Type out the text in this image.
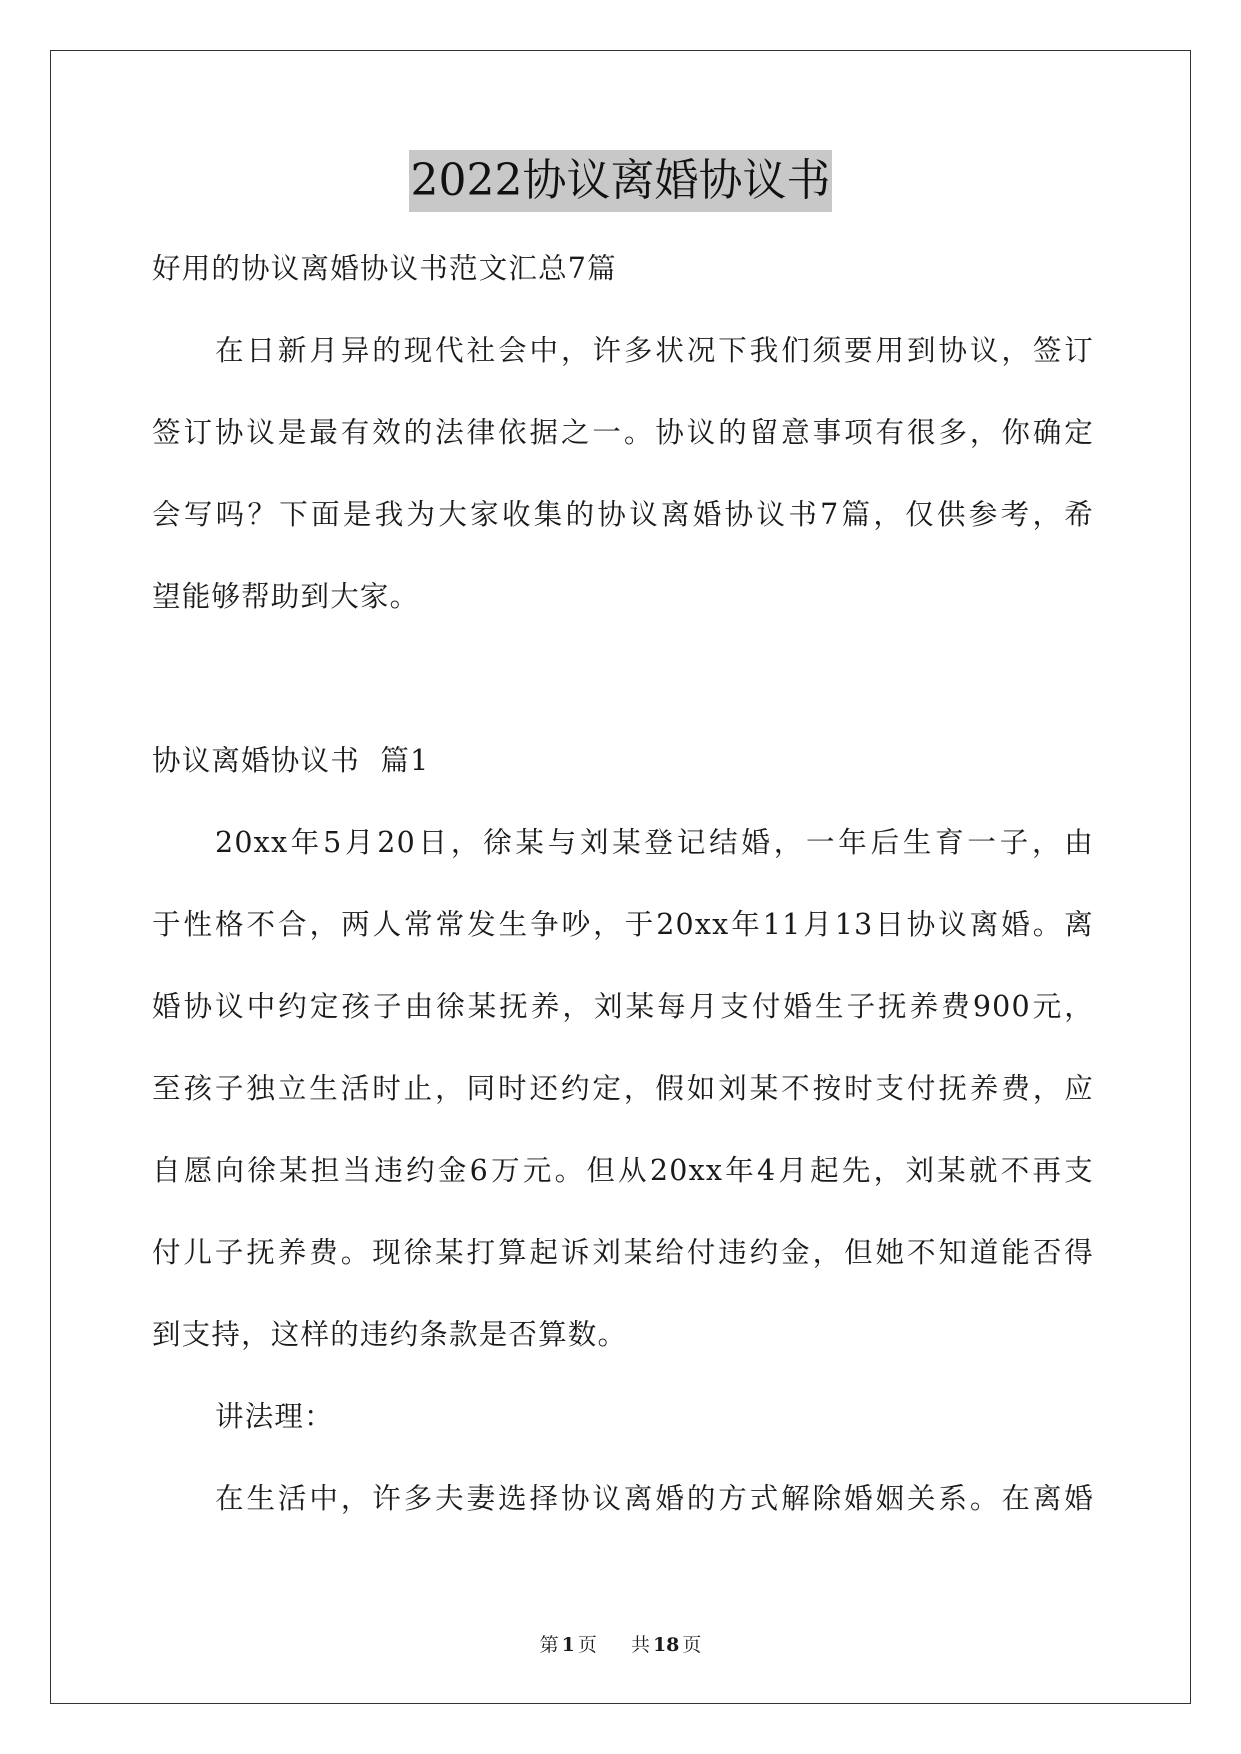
2022协议离婚协议书
好用的协议离婚协议书范文汇总7篇
在日新月异的现代社会中，许多状况下我们须要用到协议，签订
签订协议是最有效的法律依据之一。协议的留意事项有很多，你确定
会写吗？下面是我为大家收集的协议离婚协议书7篇，仅供参考，希
望能够帮助到大家。
协议离婚协议书  篇1
20xx年5月20日，徐某与刘某登记结婚，一年后生育一子，由
于性格不合，两人常常发生争吵，于20xx年11月13日协议离婚。离
婚协议中约定孩子由徐某抚养，刘某每月支付婚生子抚养费900元，
至孩子独立生活时止，同时还约定，假如刘某不按时支付抚养费，应
自愿向徐某担当违约金6万元。但从20xx年4月起先，刘某就不再支
付儿子抚养费。现徐某打算起诉刘某给付违约金，但她不知道能否得
到支持，这样的违约条款是否算数。
讲法理：
在生活中，许多夫妻选择协议离婚的方式解除婚姻关系。在离婚
第 1 页 共 18 页
